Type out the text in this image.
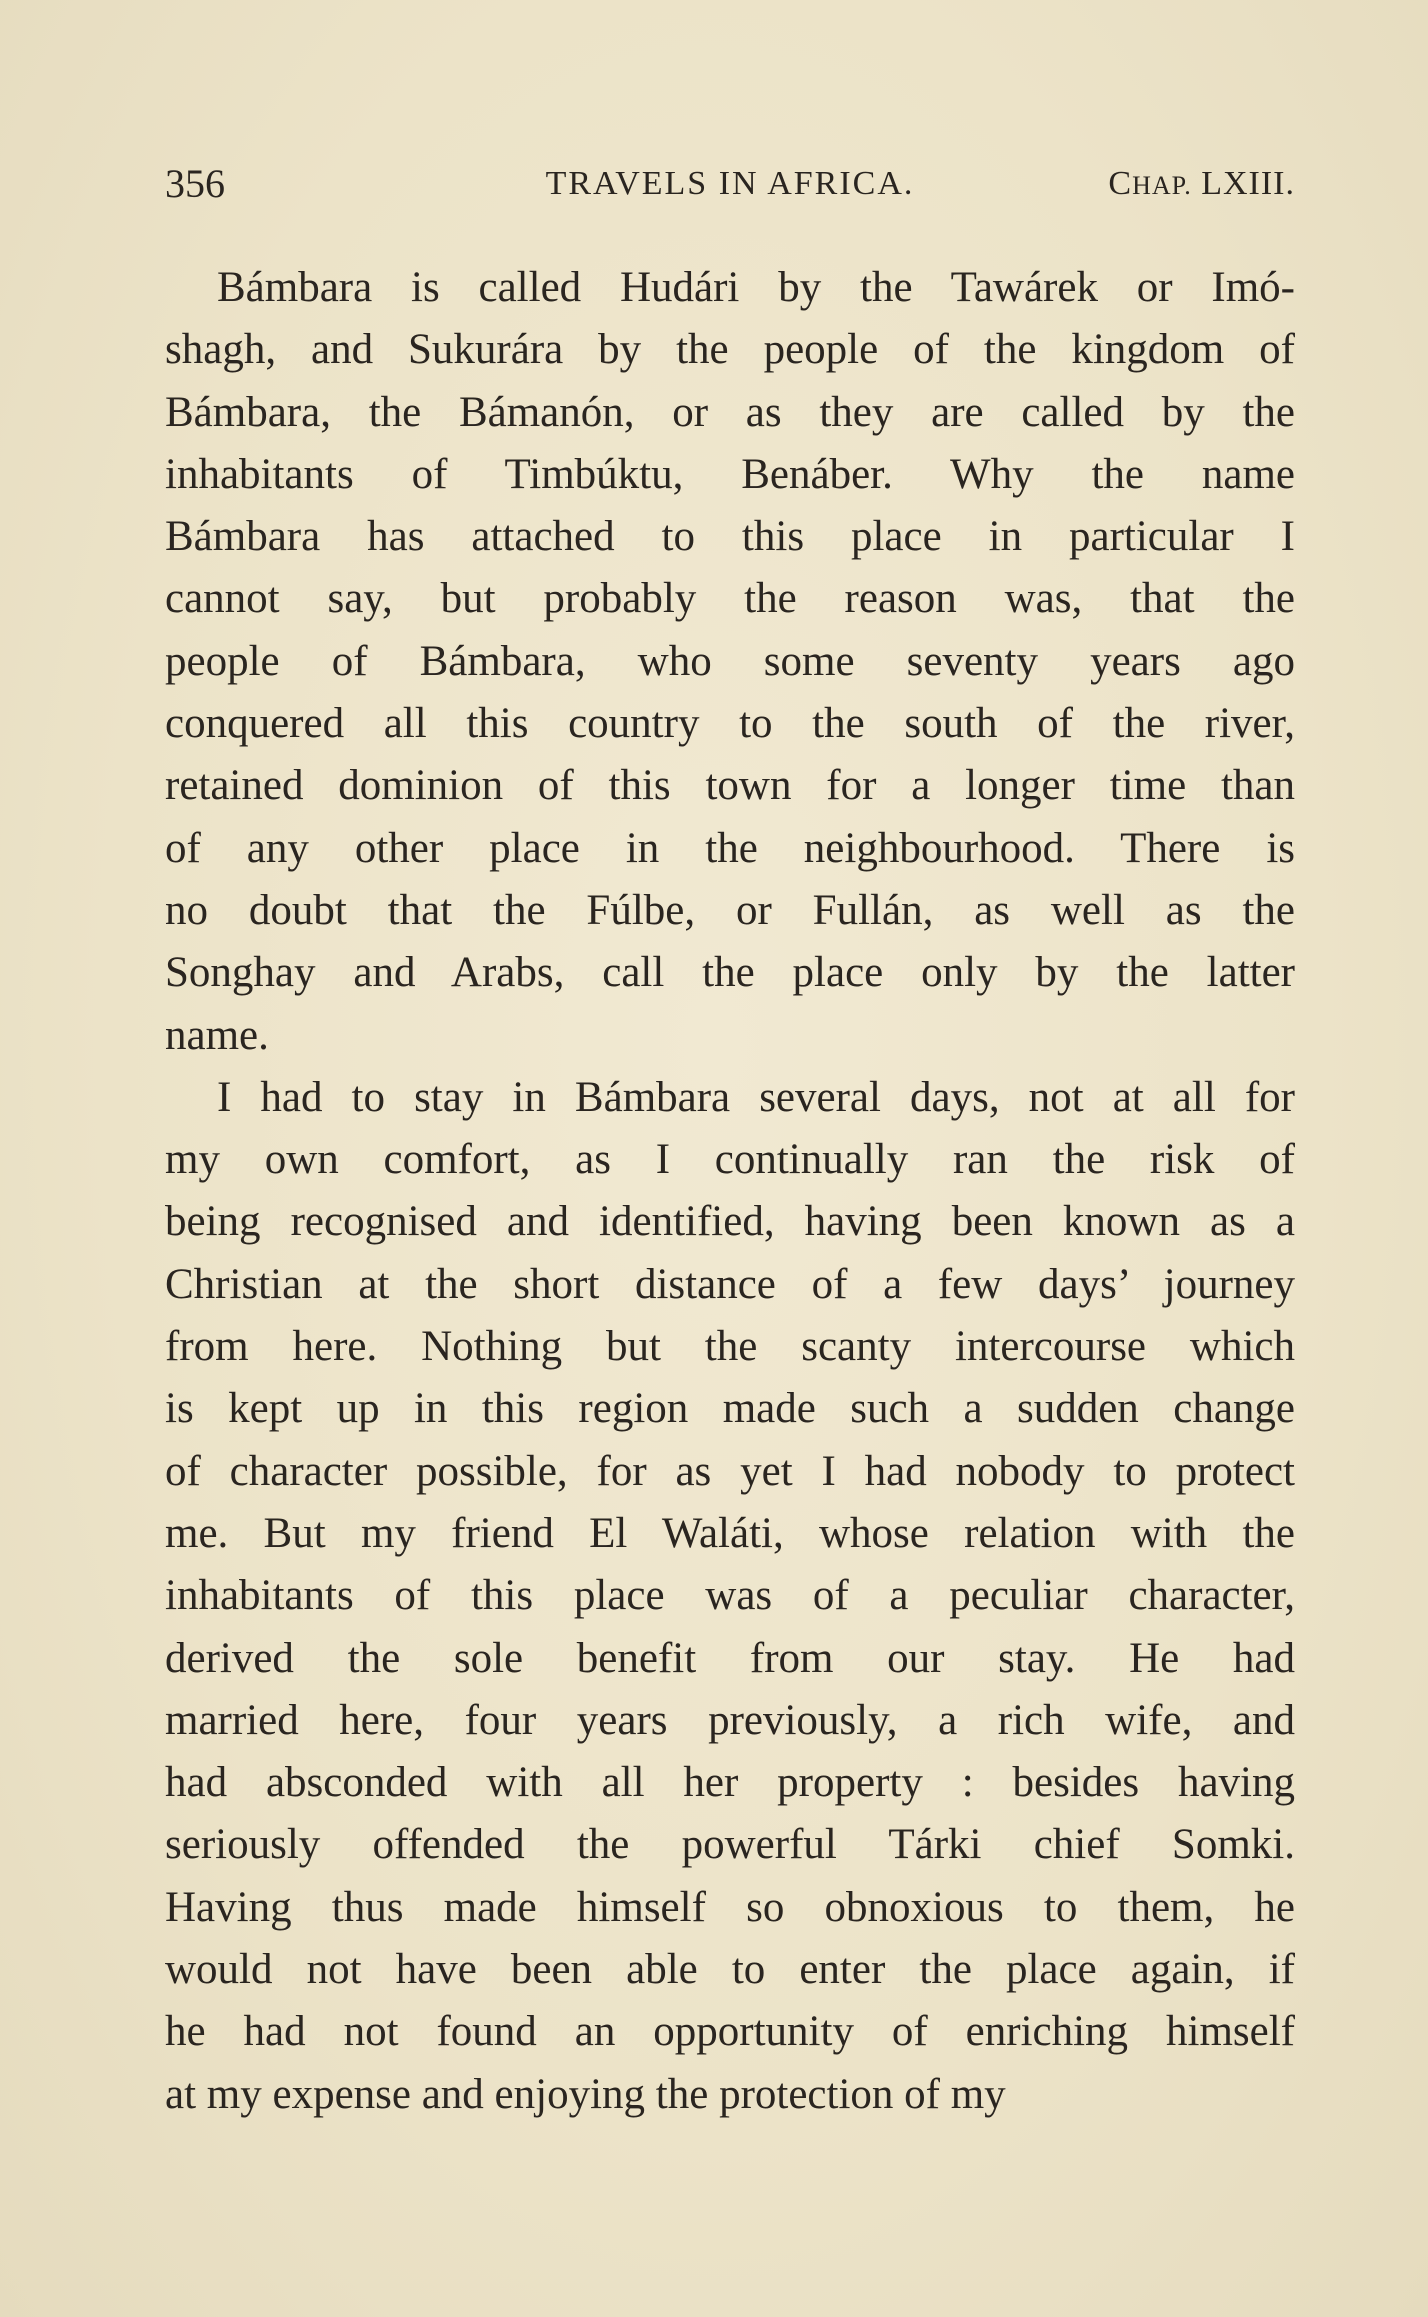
356	TRAVELS IN AFRICA.	CHAP. LXIII.

Bámbara is called Hudári by the Tawárek or Imó-
shagh, and Sukurára by the people of the kingdom of
Bámbara, the Bámanón, or as they are called by the
inhabitants of Timbúktu, Benáber. Why the name
Bámbara has attached to this place in particular I
cannot say, but probably the reason was, that the
people of Bámbara, who some seventy years ago
conquered all this country to the south of the river,
retained dominion of this town for a longer time than
of any other place in the neighbourhood. There is
no doubt that the Fúlbe, or Fullán, as well as the
Songhay and Arabs, call the place only by the latter
name.

I had to stay in Bámbara several days, not at all for
my own comfort, as I continually ran the risk of
being recognised and identified, having been known as a
Christian at the short distance of a few days’ journey
from here. Nothing but the scanty intercourse which
is kept up in this region made such a sudden change
of character possible, for as yet I had nobody to protect
me. But my friend El Waláti, whose relation with the
inhabitants of this place was of a peculiar character,
derived the sole benefit from our stay. He had
married here, four years previously, a rich wife, and
had absconded with all her property : besides having
seriously offended the powerful Tárki chief Somki.
Having thus made himself so obnoxious to them, he
would not have been able to enter the place again, if
he had not found an opportunity of enriching himself
at my expense and enjoying the protection of my
